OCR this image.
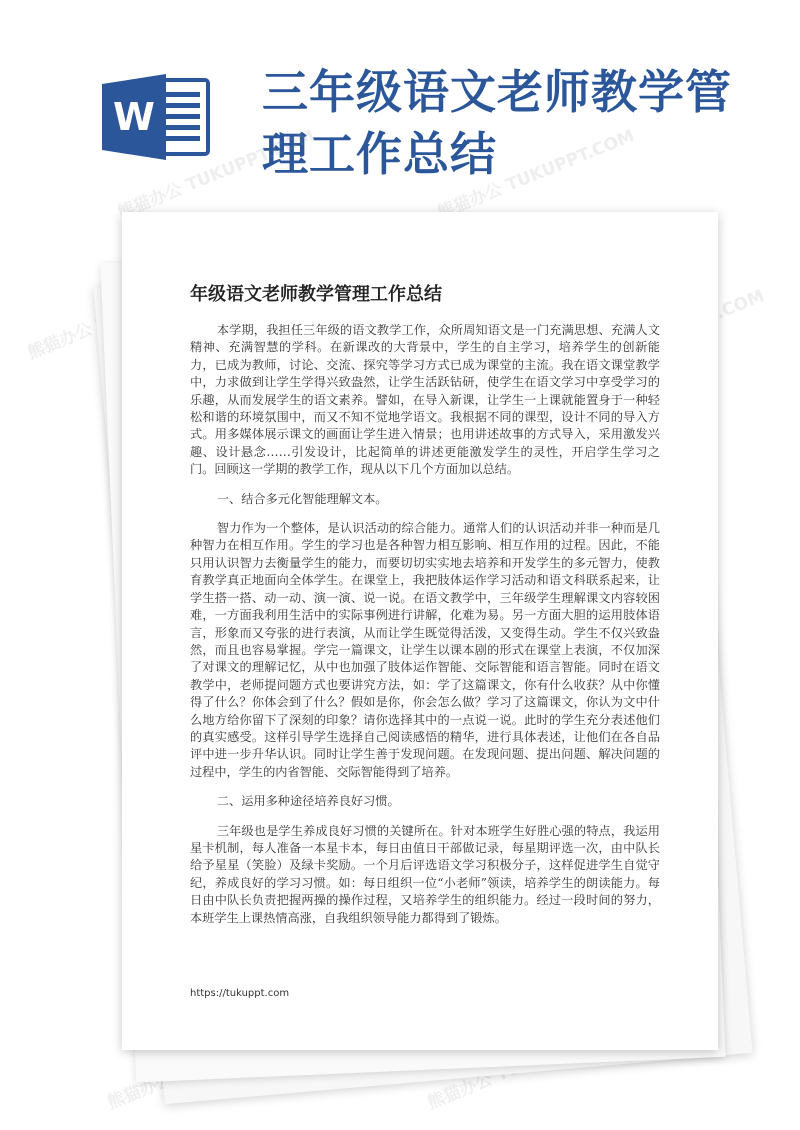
W 三年级语文老师教学管
理工作总结
熊猫办公 TUKUPPT.COM	熊猫办公 TUKUPPT.COM
熊猫办公
年级语文老师教学管理工作总结

本学期，我担任三年级的语文教学工作，众所周知语文是一门充满思想、充满人文精神、充满智慧的学科。在新课改的大背景中，学生的自主学习，培养学生的创新能力，已成为教师，讨论、交流、探究等学习方式已成为课堂的主流。我在语文课堂教学中，力求做到让学生学得兴致盎然，让学生活跃钻研，使学生在语文学习中享受学习的乐趣，从而发展学生的语文素养。譬如，在导入新课，让学生一上课就能置身于一种轻松和谐的环境氛围中，而又不知不觉地学语文。我根据不同的课型，设计不同的导入方式。用多媒体展示课文的画面让学生进入情景；也用讲述故事的方式导入，采用激发兴趣、设计悬念……引发设计，比起简单的讲述更能激发学生的灵性，开启学生学习之门。回顾这一学期的教学工作，现从以下几个方面加以总结。

一、结合多元化智能理解文本。

智力作为一个整体，是认识活动的综合能力。通常人们的认识活动并非一种而是几种智力在相互作用。学生的学习也是各种智力相互影响、相互作用的过程。因此，不能只用认识智力去衡量学生的能力，而要切切实实地去培养和开发学生的多元智力，使教育教学真正地面向全体学生。在课堂上，我把肢体运作学习活动和语文科联系起来，让学生搭一搭、动一动、演一演、说一说。在语文教学中，三年级学生理解课文内容较困难，一方面我利用生活中的实际事例进行讲解，化难为易。另一方面大胆的运用肢体语言，形象而又夸张的进行表演，从而让学生既觉得活泼，又变得生动。学生不仅兴致盎然，而且也容易掌握。学完一篇课文，让学生以课本剧的形式在课堂上表演，不仅加深了对课文的理解记忆，从中也加强了肢体运作智能、交际智能和语言智能。同时在语文教学中，老师提问题方式也要讲究方法，如：学了这篇课文，你有什么收获？从中你懂得了什么？你体会到了什么？假如是你，你会怎么做？学习了这篇课文，你认为文中什么地方给你留下了深刻的印象？请你选择其中的一点说一说。此时的学生充分表述他们的真实感受。这样引导学生选择自己阅读感悟的精华，进行具体表述，让他们在各自品评中进一步升华认识。同时让学生善于发现问题。在发现问题、提出问题、解决问题的过程中，学生的内省智能、交际智能得到了培养。

二、运用多种途径培养良好习惯。

三年级也是学生养成良好习惯的关键所在。针对本班学生好胜心强的特点，我运用星卡机制，每人准备一本星卡本，每日由值日干部做记录，每星期评选一次，由中队长给予星星（笑脸）及绿卡奖励。一个月后评选语文学习积极分子，这样促进学生自觉守纪，养成良好的学习习惯。如：每日组织一位“小老师”领读，培养学生的朗读能力。每日由中队长负责把握两操的操作过程，又培养学生的组织能力。经过一段时间的努力，本班学生上课热情高涨，自我组织领导能力都得到了锻炼。

https://tukuppt.com
